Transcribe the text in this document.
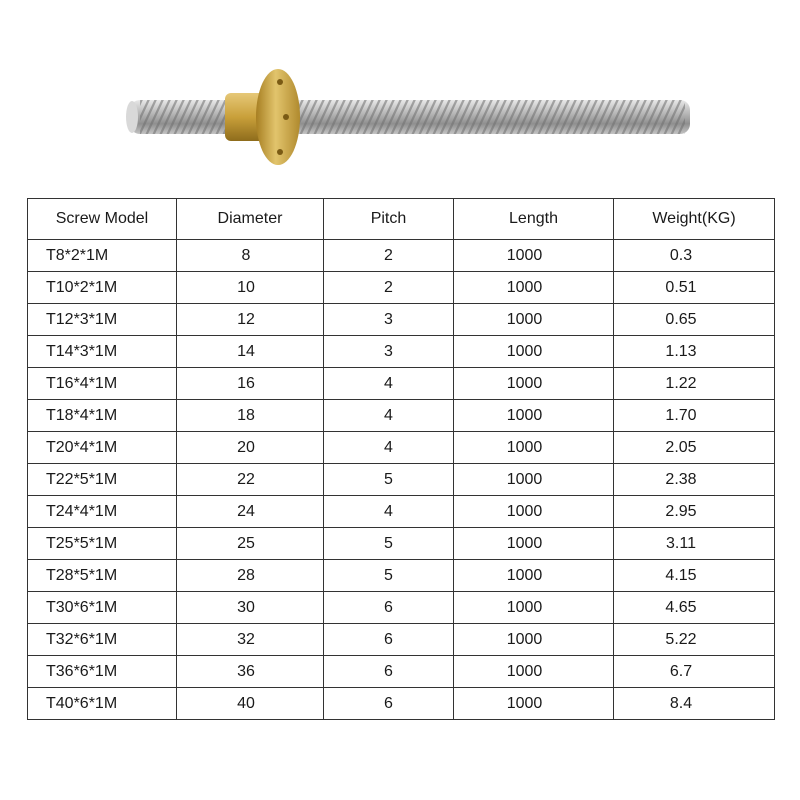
Screw Model	Diameter	Pitch	Length	Weight(KG)
T8*2*1M	8	2	1000	0.3
T10*2*1M	10	2	1000	0.51
T12*3*1M	12	3	1000	0.65
T14*3*1M	14	3	1000	1.13
T16*4*1M	16	4	1000	1.22
T18*4*1M	18	4	1000	1.70
T20*4*1M	20	4	1000	2.05
T22*5*1M	22	5	1000	2.38
T24*4*1M	24	4	1000	2.95
T25*5*1M	25	5	1000	3.11
T28*5*1M	28	5	1000	4.15
T30*6*1M	30	6	1000	4.65
T32*6*1M	32	6	1000	5.22
T36*6*1M	36	6	1000	6.7
T40*6*1M	40	6	1000	8.4
